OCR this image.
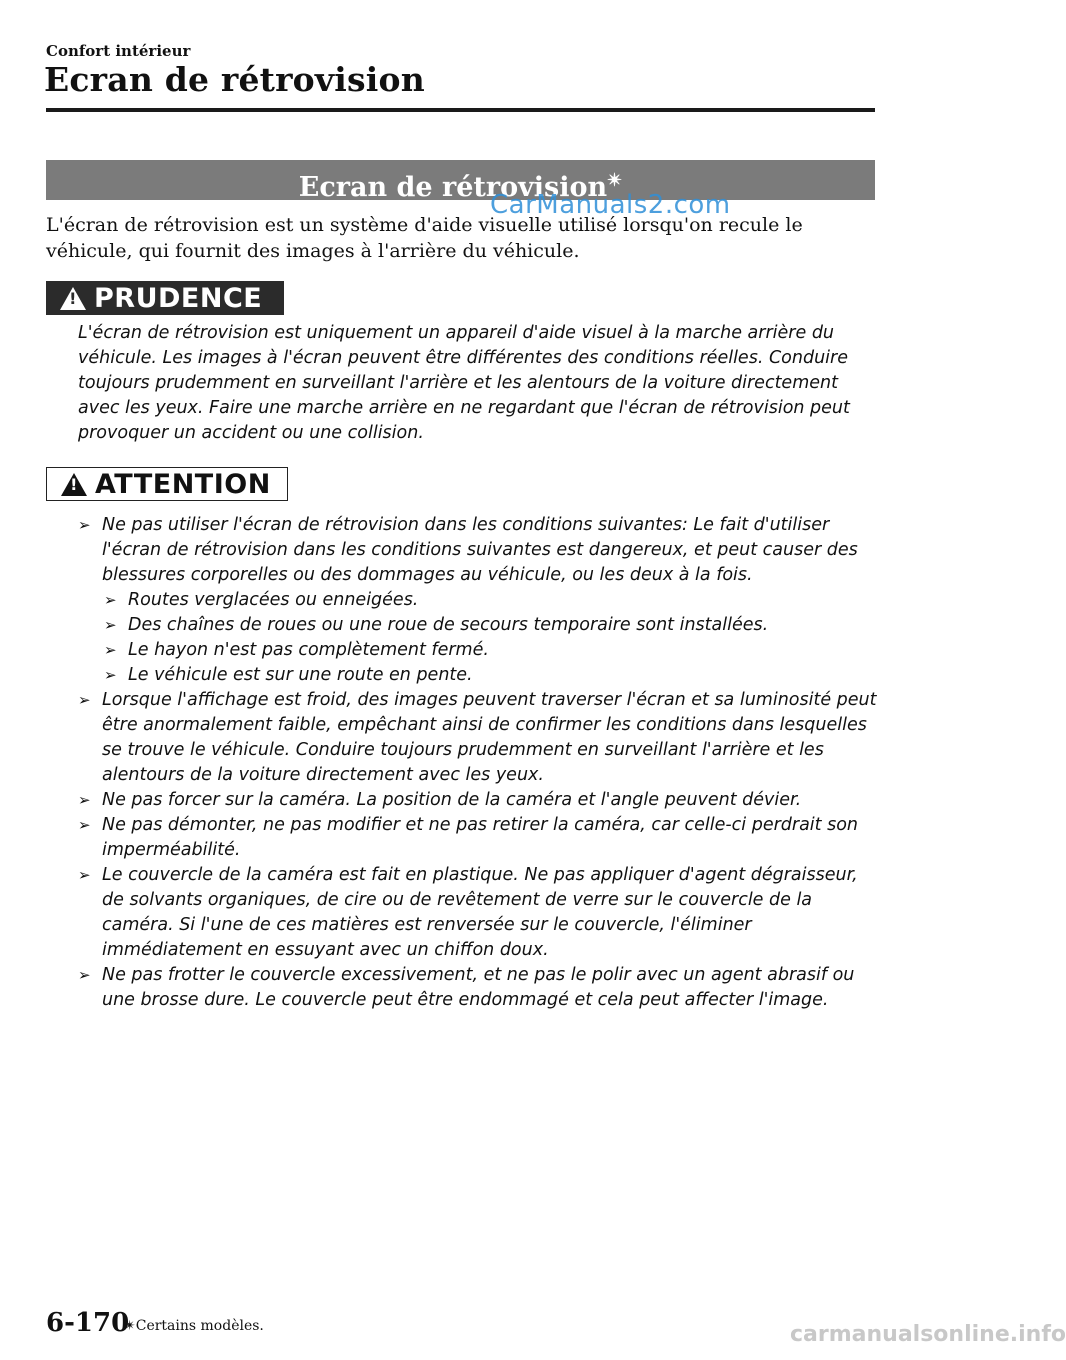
Confort intérieur
Ecran de rétrovision
Ecran de rétrovision✴
CarManuals2.com
L'écran de rétrovision est un système d'aide visuelle utilisé lorsqu'on recule le véhicule, qui fournit des images à l'arrière du véhicule.
! PRUDENCE
L'écran de rétrovision est uniquement un appareil d'aide visuel à la marche arrière du véhicule. Les images à l'écran peuvent être différentes des conditions réelles. Conduire toujours prudemment en surveillant l'arrière et les alentours de la voiture directement avec les yeux. Faire une marche arrière en ne regardant que l'écran de rétrovision peut provoquer un accident ou une collision.
! ATTENTION
➢ Ne pas utiliser l'écran de rétrovision dans les conditions suivantes: Le fait d'utiliser l'écran de rétrovision dans les conditions suivantes est dangereux, et peut causer des blessures corporelles ou des dommages au véhicule, ou les deux à la fois.
➢ Routes verglacées ou enneigées.
➢ Des chaînes de roues ou une roue de secours temporaire sont installées.
➢ Le hayon n'est pas complètement fermé.
➢ Le véhicule est sur une route en pente.
➢ Lorsque l'affichage est froid, des images peuvent traverser l'écran et sa luminosité peut être anormalement faible, empêchant ainsi de confirmer les conditions dans lesquelles se trouve le véhicule. Conduire toujours prudemment en surveillant l'arrière et les alentours de la voiture directement avec les yeux.
➢ Ne pas forcer sur la caméra. La position de la caméra et l'angle peuvent dévier.
➢ Ne pas démonter, ne pas modifier et ne pas retirer la caméra, car celle-ci perdrait son imperméabilité.
➢ Le couvercle de la caméra est fait en plastique. Ne pas appliquer d'agent dégraisseur, de solvants organiques, de cire ou de revêtement de verre sur le couvercle de la caméra. Si l'une de ces matières est renversée sur le couvercle, l'éliminer immédiatement en essuyant avec un chiffon doux.
➢ Ne pas frotter le couvercle excessivement, et ne pas le polir avec un agent abrasif ou une brosse dure. Le couvercle peut être endommagé et cela peut affecter l'image.
6-170
✴Certains modèles.	carmanualsonline.info
